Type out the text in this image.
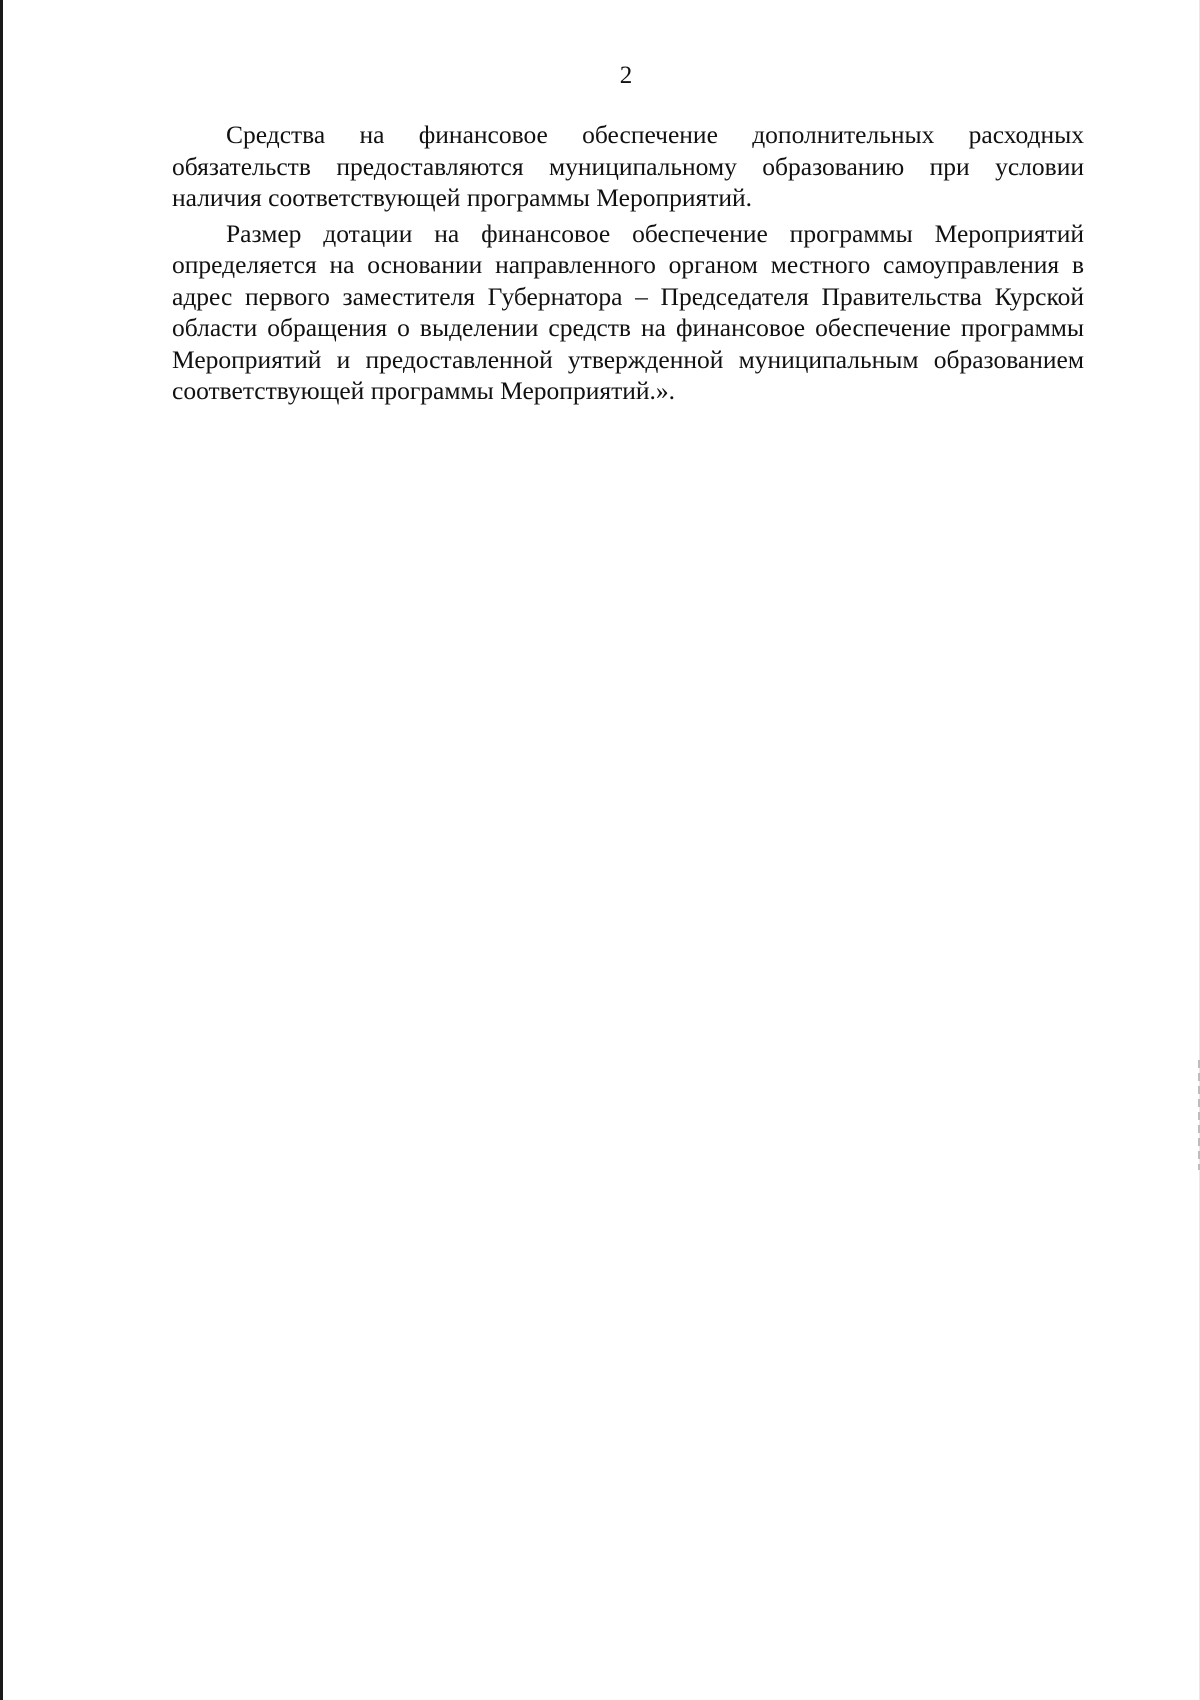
2

Средства на финансовое обеспечение дополнительных расходных обязательств предоставляются муниципальному образованию при условии наличия соответствующей программы Мероприятий.

Размер дотации на финансовое обеспечение программы Мероприятий определяется на основании направленного органом местного самоуправления в адрес первого заместителя Губернатора – Председателя Правительства Курской области обращения о выделении средств на финансовое обеспечение программы Мероприятий и предоставленной утвержденной муниципальным образованием соответствующей программы Мероприятий.».
